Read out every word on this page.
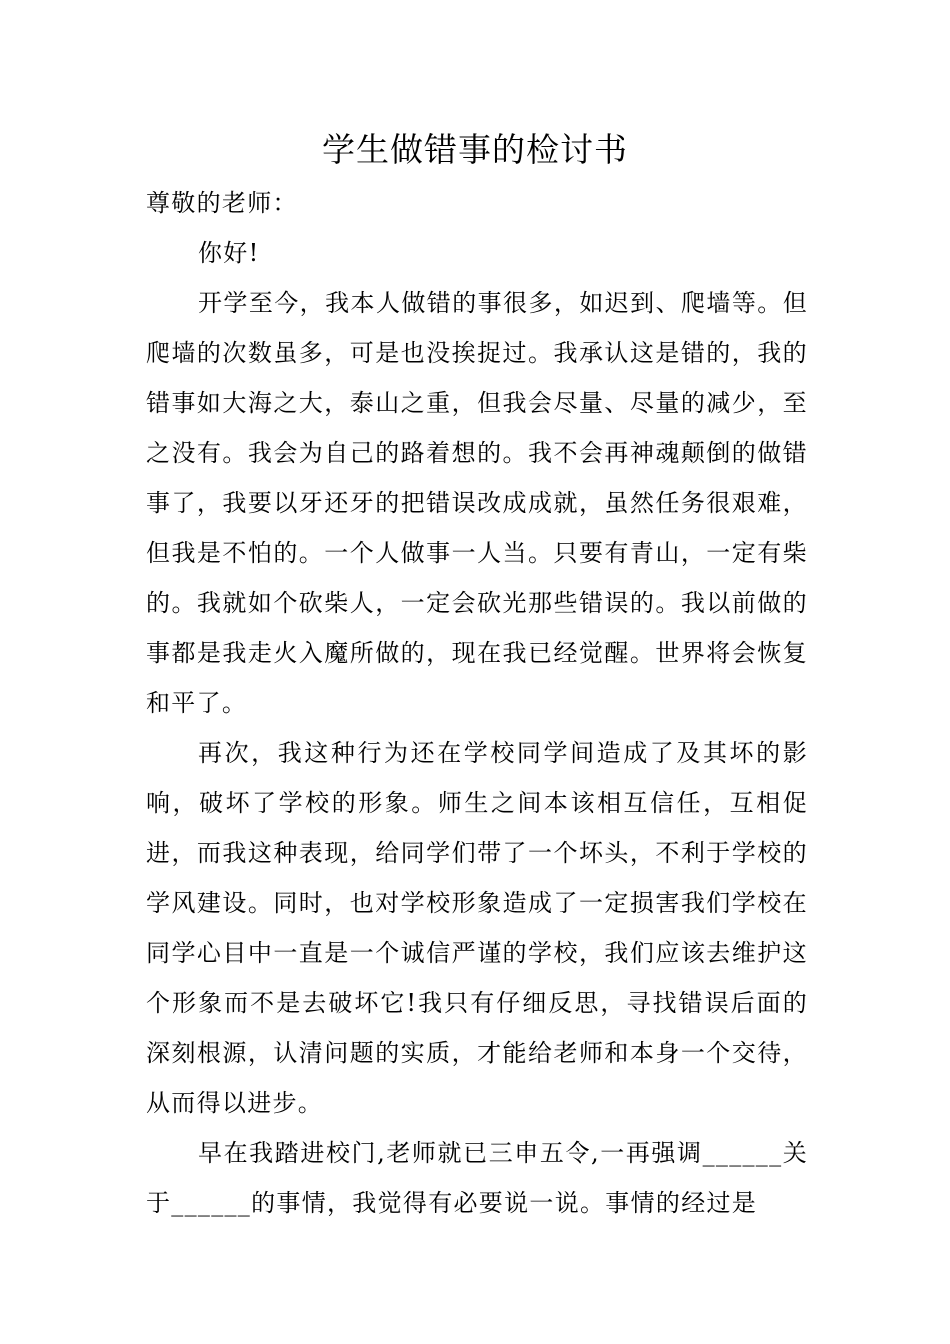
学生做错事的检讨书

尊敬的老师：

你好!

开学至今，我本人做错的事很多，如迟到、爬墙等。但爬墙的次数虽多，可是也没挨捉过。我承认这是错的，我的错事如大海之大，泰山之重，但我会尽量、尽量的减少，至之没有。我会为自己的路着想的。我不会再神魂颠倒的做错事了，我要以牙还牙的把错误改成成就，虽然任务很艰难，但我是不怕的。一个人做事一人当。只要有青山，一定有柴的。我就如个砍柴人，一定会砍光那些错误的。我以前做的事都是我走火入魔所做的，现在我已经觉醒。世界将会恢复和平了。

再次，我这种行为还在学校同学间造成了及其坏的影响，破坏了学校的形象。师生之间本该相互信任，互相促进，而我这种表现，给同学们带了一个坏头，不利于学校的学风建设。同时，也对学校形象造成了一定损害我们学校在同学心目中一直是一个诚信严谨的学校，我们应该去维护这个形象而不是去破坏它!我只有仔细反思，寻找错误后面的深刻根源，认清问题的实质，才能给老师和本身一个交待，从而得以进步。

早在我踏进校门,老师就已三申五令,一再强调______关于______的事情，我觉得有必要说一说。事情的经过是
